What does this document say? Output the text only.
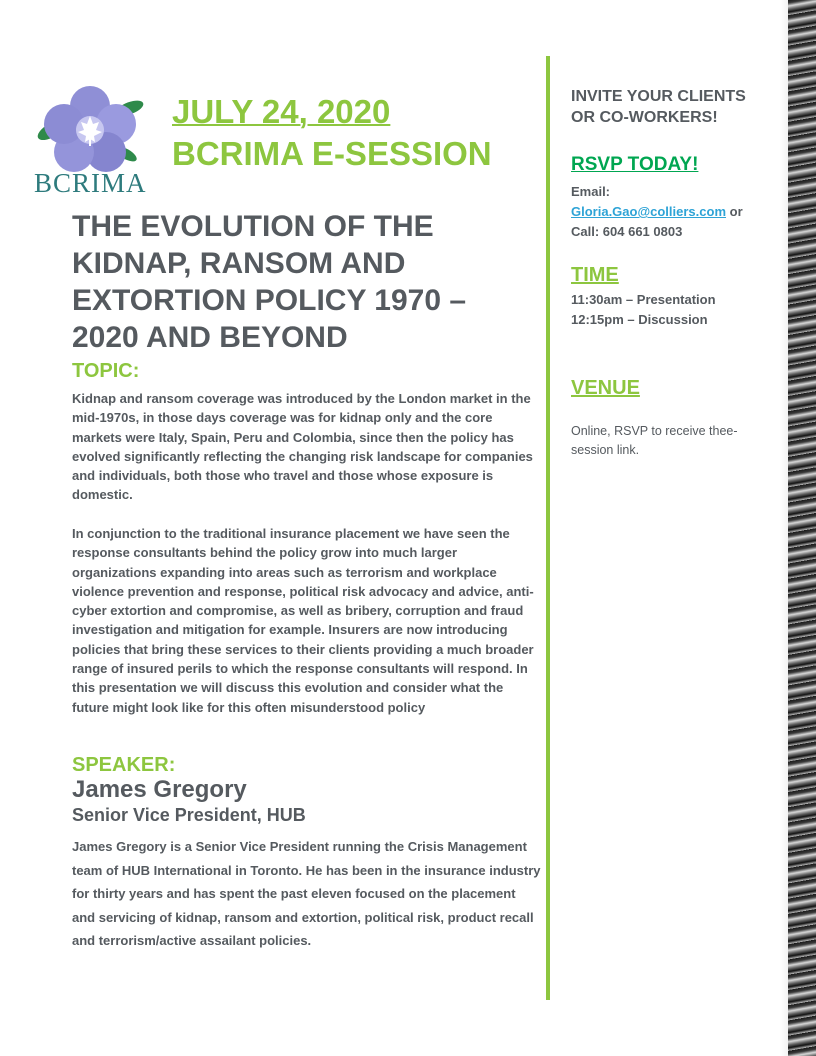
BCRIMA
JULY 24, 2020
BCRIMA E-SESSION
THE EVOLUTION OF THE KIDNAP, RANSOM AND EXTORTION POLICY 1970 – 2020 AND BEYOND
TOPIC:
Kidnap and ransom coverage was introduced by the London market in the mid-1970s, in those days coverage was for kidnap only and the core markets were Italy, Spain, Peru and Colombia, since then the policy has evolved significantly reflecting the changing risk landscape for companies and individuals, both those who travel and those whose exposure is domestic.
In conjunction to the traditional insurance placement we have seen the response consultants behind the policy grow into much larger organizations expanding into areas such as terrorism and workplace violence prevention and response, political risk advocacy and advice, anti-cyber extortion and compromise, as well as bribery, corruption and fraud investigation and mitigation for example. Insurers are now introducing policies that bring these services to their clients providing a much broader range of insured perils to which the response consultants will respond. In this presentation we will discuss this evolution and consider what the future might look like for this often misunderstood policy
SPEAKER:
James Gregory
Senior Vice President, HUB
James Gregory is a Senior Vice President running the Crisis Management team of HUB International in Toronto. He has been in the insurance industry for thirty years and has spent the past eleven focused on the placement and servicing of kidnap, ransom and extortion, political risk, product recall and terrorism/active assailant policies.
INVITE YOUR CLIENTS OR CO-WORKERS!
RSVP TODAY!
Email:
Gloria.Gao@colliers.com or
Call: 604 661 0803
TIME
11:30am – Presentation
12:15pm – Discussion
VENUE
Online, RSVP to receive thee-session link.
